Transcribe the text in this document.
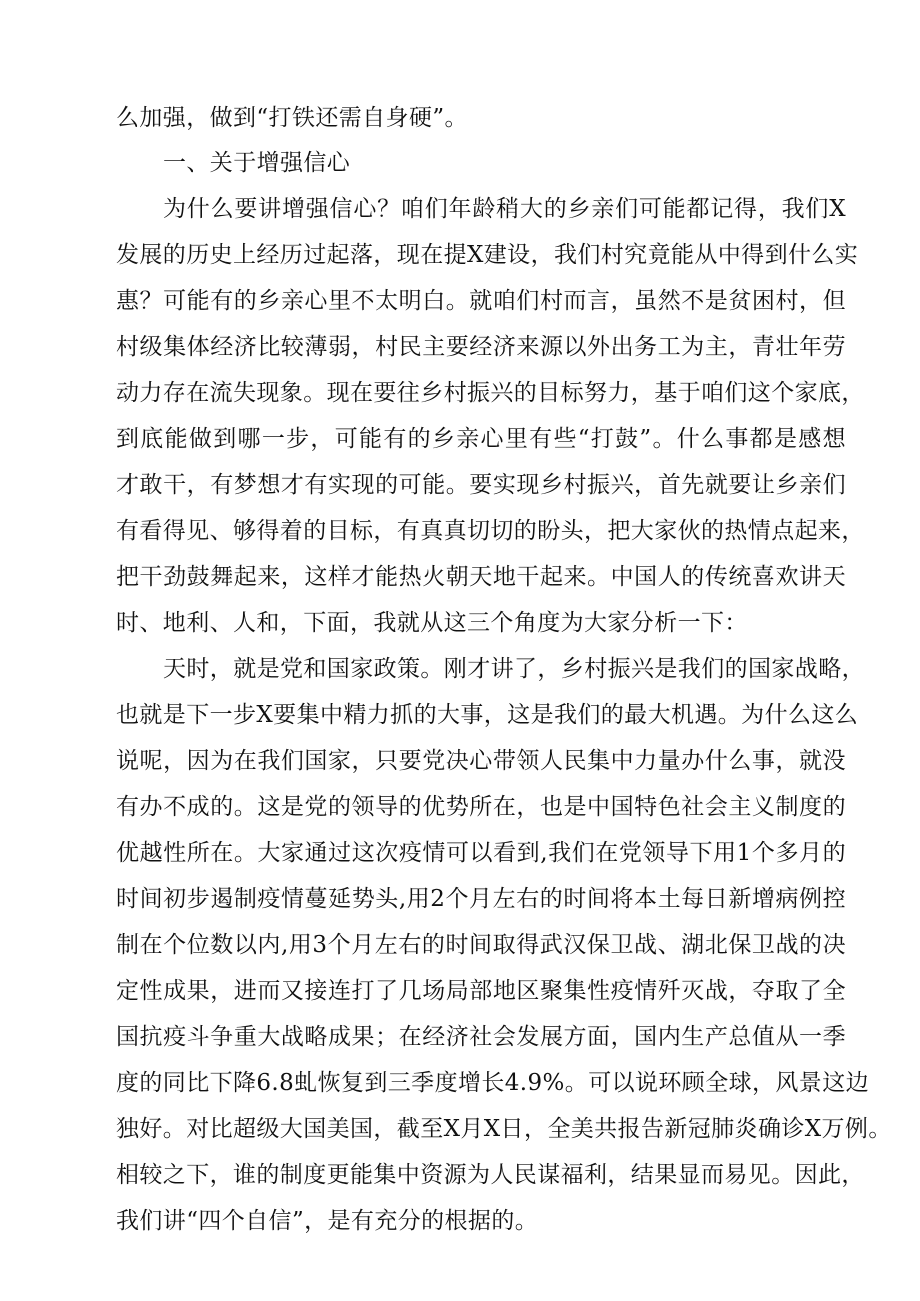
么加强，做到“打铁还需自身硬”。
一、关于增强信心
为什么要讲增强信心？咱们年龄稍大的乡亲们可能都记得，我们X
发展的历史上经历过起落，现在提X建设，我们村究竟能从中得到什么实
惠？可能有的乡亲心里不太明白。就咱们村而言，虽然不是贫困村，但
村级集体经济比较薄弱，村民主要经济来源以外出务工为主，青壮年劳
动力存在流失现象。现在要往乡村振兴的目标努力，基于咱们这个家底，
到底能做到哪一步，可能有的乡亲心里有些“打鼓”。什么事都是感想
才敢干，有梦想才有实现的可能。要实现乡村振兴，首先就要让乡亲们
有看得见、够得着的目标，有真真切切的盼头，把大家伙的热情点起来，
把干劲鼓舞起来，这样才能热火朝天地干起来。中国人的传统喜欢讲天
时、地利、人和，下面，我就从这三个角度为大家分析一下：
天时，就是党和国家政策。刚才讲了，乡村振兴是我们的国家战略，
也就是下一步X要集中精力抓的大事，这是我们的最大机遇。为什么这么
说呢，因为在我们国家，只要党决心带领人民集中力量办什么事，就没
有办不成的。这是党的领导的优势所在，也是中国特色社会主义制度的
优越性所在。大家通过这次疫情可以看到,我们在党领导下用1个多月的
时间初步遏制疫情蔓延势头,用2个月左右的时间将本土每日新增病例控
制在个位数以内,用3个月左右的时间取得武汉保卫战、湖北保卫战的决
定性成果，进而又接连打了几场局部地区聚集性疫情歼灭战，夺取了全
国抗疫斗争重大战略成果；在经济社会发展方面，国内生产总值从一季
度的同比下降6.8虬恢复到三季度增长4.9%。可以说环顾全球，风景这边
独好。对比超级大国美国，截至X月X日，全美共报告新冠肺炎确诊X万例。
相较之下，谁的制度更能集中资源为人民谋福利，结果显而易见。因此，
我们讲“四个自信”，是有充分的根据的。
